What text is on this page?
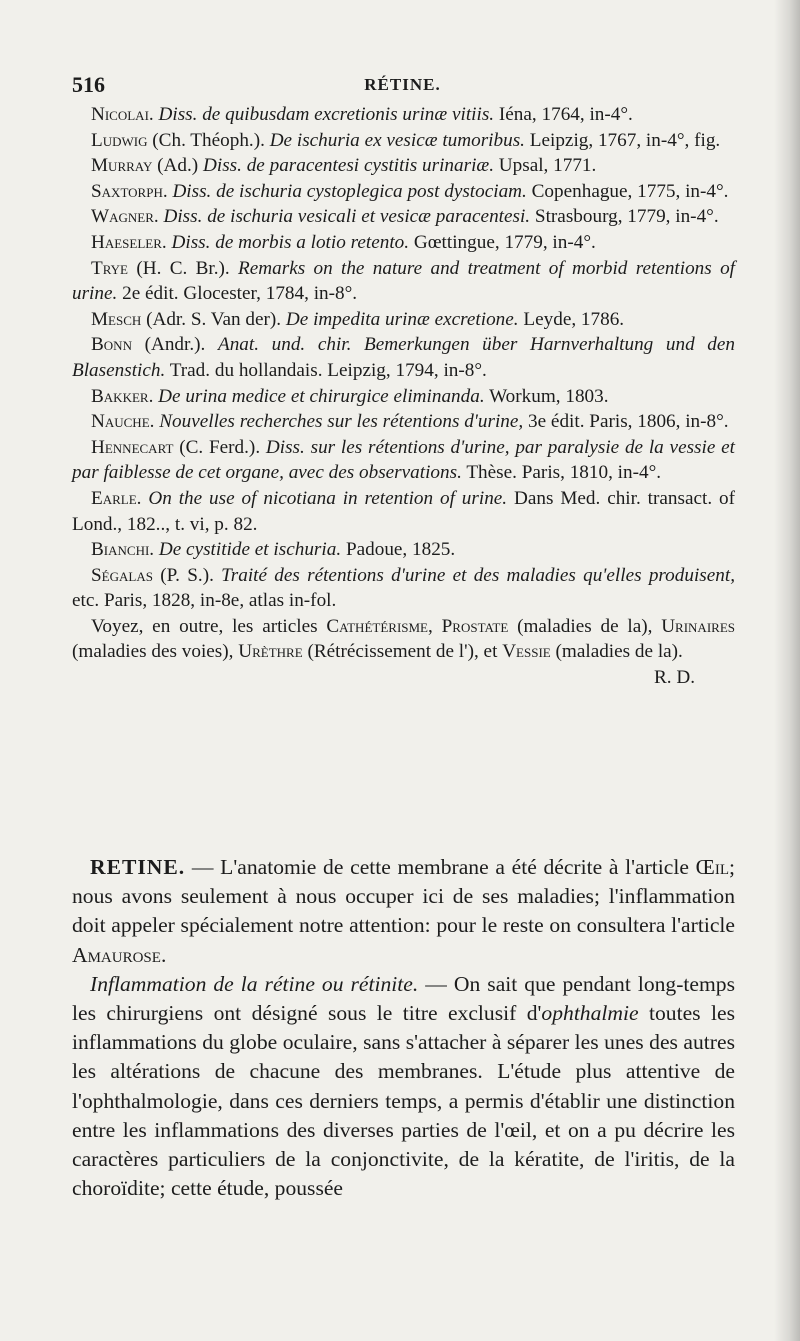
516	RÉTINE.

Nicolai. Diss. de quibusdam excretionis urinæ vitiis. Iéna, 1764, in-4°.

Ludwig (Ch. Théoph.). De ischuria ex vesicæ tumoribus. Leipzig, 1767, in-4°, fig.

Murray (Ad.) Diss. de paracentesi cystitis urinariæ. Upsal, 1771.

Saxtorph. Diss. de ischuria cystoplegica post dystociam. Copenhague, 1775, in-4°.

Wagner. Diss. de ischuria vesicali et vesicæ paracentesi. Strasbourg, 1779, in-4°.

Haeseler. Diss. de morbis a lotio retento. Gœttingue, 1779, in-4°.

Trye (H. C. Br.). Remarks on the nature and treatment of morbid retentions of urine. 2e édit. Glocester, 1784, in-8°.

Mesch (Adr. S. Van der). De impedita urinæ excretione. Leyde, 1786.

Bonn (Andr.). Anat. und. chir. Bemerkungen über Harnverhaltung und den Blasenstich. Trad. du hollandais. Leipzig, 1794, in-8°.

Bakker. De urina medice et chirurgice eliminanda. Workum, 1803.

Nauche. Nouvelles recherches sur les rétentions d'urine, 3e édit. Paris, 1806, in-8°.

Hennecart (C. Ferd.). Diss. sur les rétentions d'urine, par paralysie de la vessie et par faiblesse de cet organe, avec des observations. Thèse. Paris, 1810, in-4°.

Earle. On the use of nicotiana in retention of urine. Dans Med. chir. transact. of Lond., 182.., t. vi, p. 82.

Bianchi. De cystitide et ischuria. Padoue, 1825.

Ségalas (P. S.). Traité des rétentions d'urine et des maladies qu'elles produisent, etc. Paris, 1828, in-8e, atlas in-fol.

Voyez, en outre, les articles Cathétérisme, Prostate (maladies de la), Urinaires (maladies des voies), Urèthre (Rétrécissement de l'), et Vessie (maladies de la).
R. D.

RETINE. — L'anatomie de cette membrane a été décrite à l'article Œil; nous avons seulement à nous occuper ici de ses maladies; l'inflammation doit appeler spécialement notre attention: pour le reste on consultera l'article Amaurose.

Inflammation de la rétine ou rétinite. — On sait que pendant long-temps les chirurgiens ont désigné sous le titre exclusif d'ophthalmie toutes les inflammations du globe oculaire, sans s'attacher à séparer les unes des autres les altérations de chacune des membranes. L'étude plus attentive de l'ophthalmologie, dans ces derniers temps, a permis d'établir une distinction entre les inflammations des diverses parties de l'œil, et on a pu décrire les caractères particuliers de la conjonctivite, de la kératite, de l'iritis, de la choroïdite; cette étude, poussée
